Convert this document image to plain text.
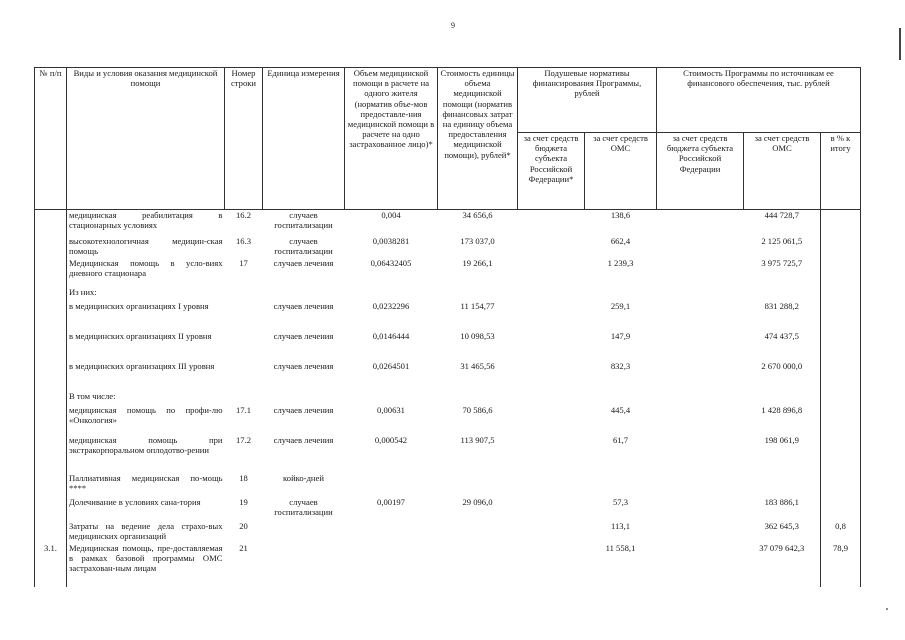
9
№ п/п	Виды и условия оказания медицинской помощи	Номер строки	Единица измерения	Объем медицинской помощи в расчете на одного жителя (норматив объе-мов предоставле-ния медицинской помощи в расчете на одно застрахованное лицо)*	Стоимость единицы объема медицинской помощи (норматив финансовых затрат на единицу объема предоставления медицинской помощи), рублей*	Подушевые нормативы финансирования Программы, рублей		Стоимость Программы по источникам ее финансового обеспечения, тыс. рублей		
						за счет средств бюджета субъекта Российской Федерации*	за счет средств ОМС	за счет средств бюджета субъекта Российской Федерации	за счет средств ОМС	в % к итогу
	медицинская реабилитация в стационарных условиях	16.2	случаев госпитализации	0,004	34 656,6		138,6		444 728,7	
	высокотехнологичная медицин-ская помощь	16.3	случаев госпитализации	0,0038281	173 037,0		662,4		2 125 061,5	
	Медицинская помощь в усло-виях дневного стационара	17	случаев лечения	0,06432405	19 266,1		1 239,3		3 975 725,7	
	Из них:									
	в медицинских организациях I уровня		случаев лечения	0,0232296	11 154,77		259,1		831 288,2	
	в медицинских организациях II уровня		случаев лечения	0,0146444	10 098,53		147,9		474 437,5	
	в медицинских организациях III уровня		случаев лечения	0,0264501	31 465,56		832,3		2 670 000,0	
	В том числе:									
	медицинская помощь по профи-лю «Онкология»	17.1	случаев лечения	0,00631	70 586,6		445,4		1 428 896,8	
	медицинская помощь при экстракорпоральном оплодотво-рении	17.2	случаев лечения	0,000542	113 907,5		61,7		198 061,9	
	Паллиативная медицинская по-мощь ****	18	койко-дней							
	Долечивание в условиях сана-тория	19	случаев госпитализации	0,00197	29 096,0		57,3		183 886,1	
	Затраты на ведение дела страхо-вых медицинских организаций	20					113,1		362 645,3	0,8
3.1.	Медицинская помощь, пре-доставляемая в рамках базовой программы ОМС застрахован-ным лицам	21					11 558,1		37 079 642,3	78,9
